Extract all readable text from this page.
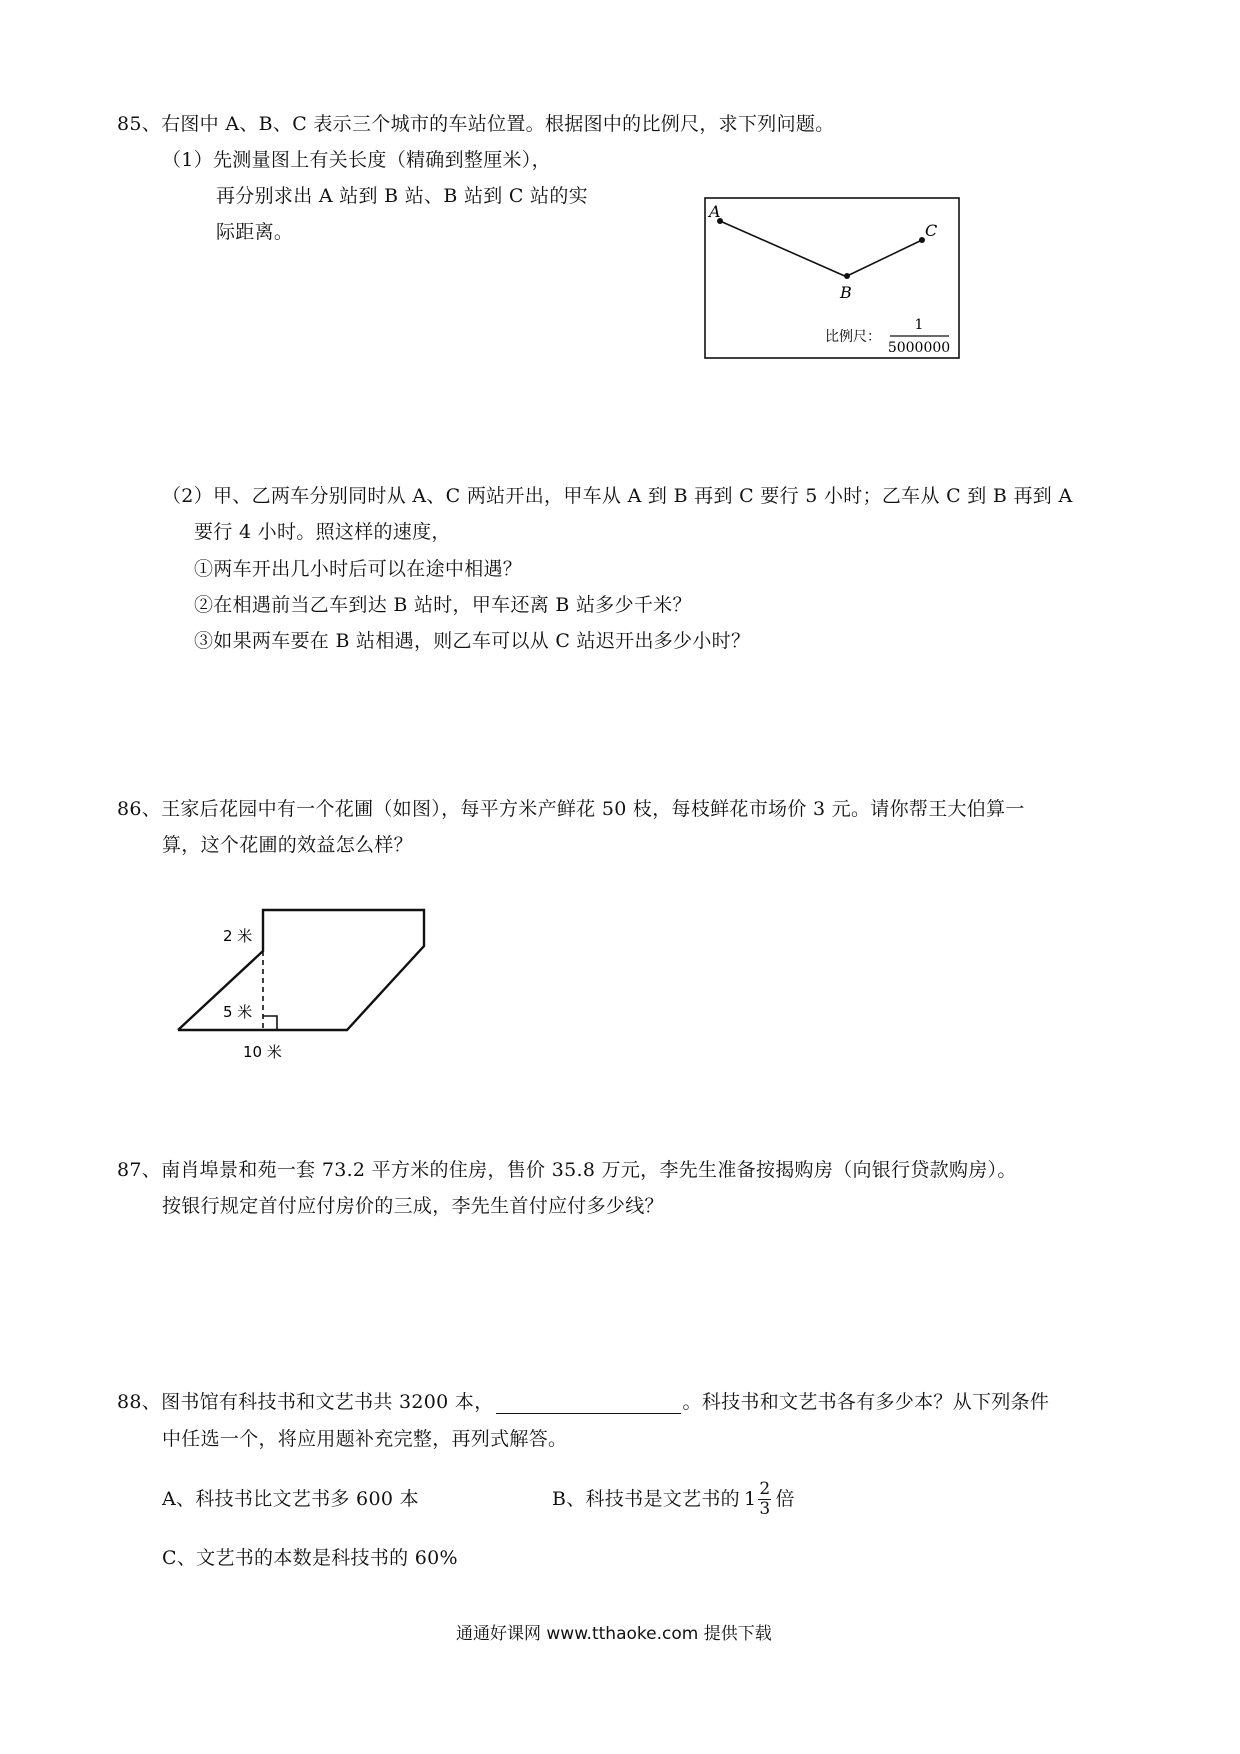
85、右图中 A、B、C 表示三个城市的车站位置。根据图中的比例尺，求下列问题。
（1）先测量图上有关长度（精确到整厘米），
再分别求出 A 站到 B 站、B 站到 C 站的实
际距离。
A
B
C
比例尺：
1
5000000
（2）甲、乙两车分别同时从 A、C 两站开出，甲车从 A 到 B 再到 C 要行 5 小时；乙车从 C 到 B 再到 A
要行 4 小时。照这样的速度，
①两车开出几小时后可以在途中相遇？
②在相遇前当乙车到达 B 站时，甲车还离 B 站多少千米？
③如果两车要在 B 站相遇，则乙车可以从 C 站迟开出多少小时？
86、王家后花园中有一个花圃（如图），每平方米产鲜花 50 枝，每枝鲜花市场价 3 元。请你帮王大伯算一
算，这个花圃的效益怎么样？
2 米
5 米
10 米
87、南肖埠景和苑一套 73.2 平方米的住房，售价 35.8 万元，李先生准备按揭购房（向银行贷款购房）。
按银行规定首付应付房价的三成，李先生首付应付多少线？
88、图书馆有科技书和文艺书共 3200 本，	。科技书和文艺书各有多少本？从下列条件
中任选一个，将应用题补充完整，再列式解答。
A、科技书比文艺书多 600 本	B、科技书是文艺书的 $1 \frac{2}{3}$ 倍
C、文艺书的本数是科技书的 60%
通通好课网 www.tthaoke.com 提供下载
